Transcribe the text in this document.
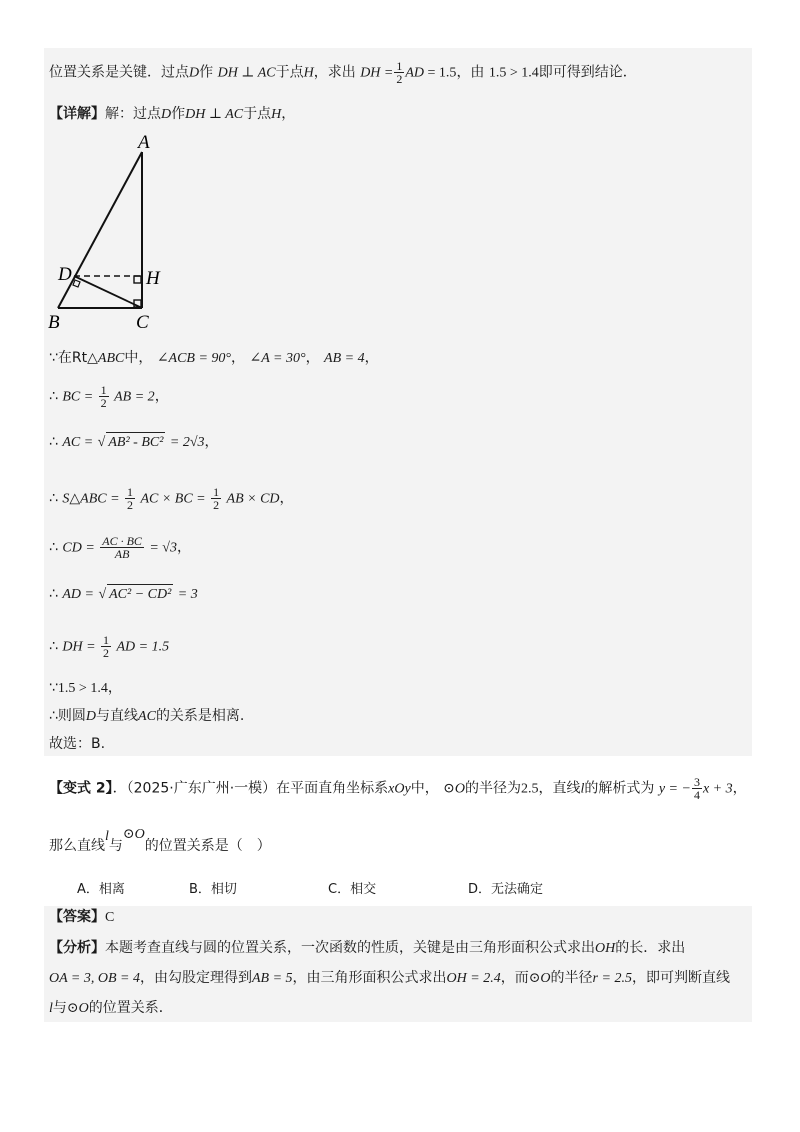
位置关系是关键．过点D作 DH ⊥ AC于点H，求出 DH = $\frac{1}{2}$ AD = 1.5，由 1.5 > 1.4即可得到结论．
【详解】解：过点D作DH ⊥ AC于点H，
A
D	H
B	C
∵在Rt△ABC中， ∠ACB = 90°， ∠A = 30°， AB = 4，
∴ BC = $\frac{1}{2}$ AB = 2，
∴ AC = √ AB² - BC² = 2√3，
∴ S△ABC = $\frac{1}{2}$ AC × BC = $\frac{1}{2}$ AB × CD，
∴ CD = $\frac{AC \cdot BC}{AB} = √3$，
∴ AD = √ AC² − CD² = 3
∴ DH = $\frac{1}{2}$ AD = 1.5
∵1.5 > 1.4，
∴则圆D与直线AC的关系是相离.
故选：B.
【变式 2】．（2025·广东广州·一模）在平面直角坐标系xOy中， ⊙O的半径为2.5，直线l的解析式为 y = − $\frac{3}{4}$ x + 3，
那么直线l与⊙O的位置关系是（　）
A．相离	B．相切	C．相交	D．无法确定
【答案】C
【分析】本题考查直线与圆的位置关系，一次函数的性质，关键是由三角形面积公式求出OH的长．求出
OA = 3, OB = 4，由勾股定理得到AB = 5，由三角形面积公式求出OH = 2.4，而⊙O的半径r = 2.5，即可判断直线
l与⊙O的位置关系．
